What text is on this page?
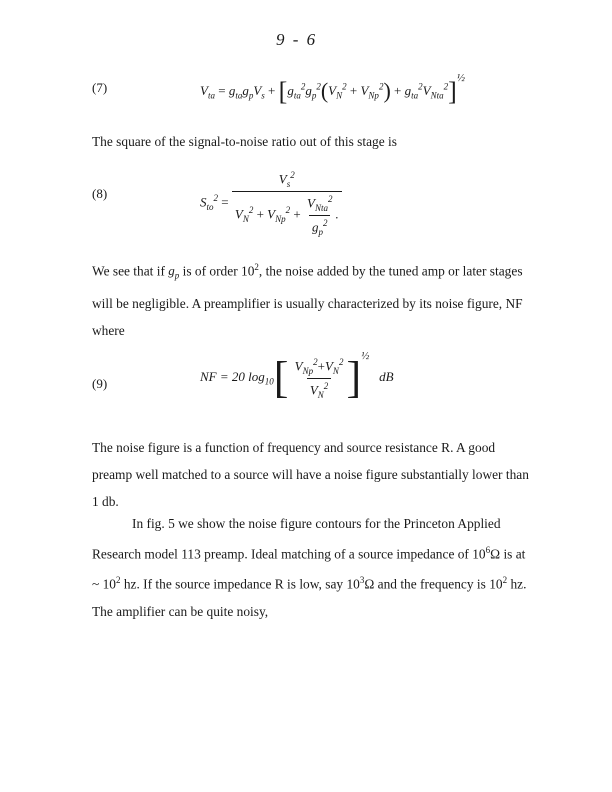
9 - 6
(7)	$V_{ta} = g_{ta}g_pV_s + [g_{ta}^2g_p^2(V_N^2 + V_{Np}^2) + g_{ta}^2V_{Nta}^2]^{\frac{1}{2}}$
The square of the signal-to-noise ratio out of this stage is
(8)
$S_{to}^2 = \frac{V_s^2}{V_N^2 + V_{Np}^2 + \frac{V_{Nta}^2}{g_p^2} .}$
We see that if $g_p$ is of order $10^2$, the noise added by the tuned amp or later stages will be negligible. A preamplifier is usually characterized by its noise figure, NF where
(9)	NF = 20 $\log_{10}[ \frac{V_{Np}^2+V_N^2}{V_N^2} ]^{\frac{1}{2}}$   dB
The noise figure is a function of frequency and source resistance R. A good preamp well matched to a source will have a noise figure substantially lower than 1 db.
In fig. 5 we show the noise figure contours for the Princeton Applied Research model 113 preamp. Ideal matching of a source impedance of $10^6\Omega$ is at ~ $10^2$ hz. If the source impedance R is low, say $10^3\Omega$ and the frequency is $10^2$ hz. The amplifier can be quite noisy,
